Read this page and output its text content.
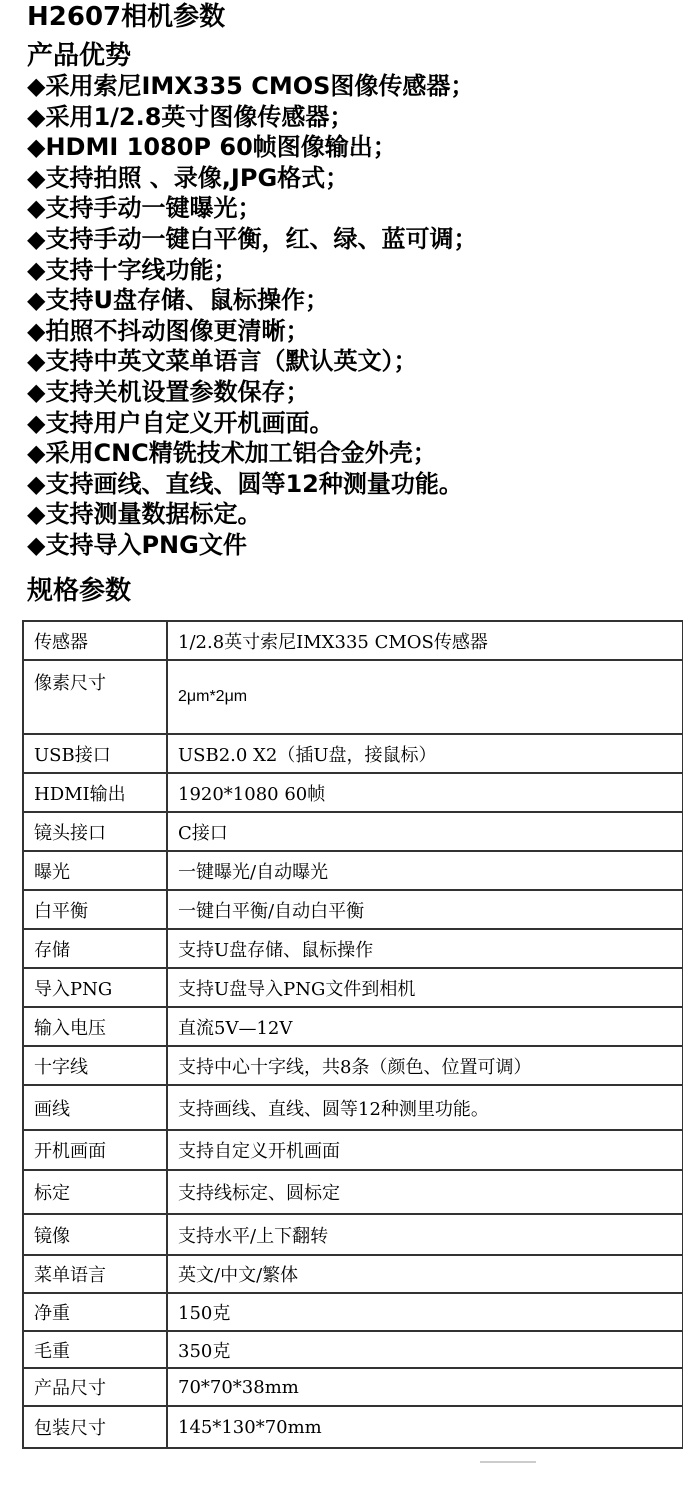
H2607相机参数
产品优势
◆采用索尼IMX335 CMOS图像传感器；
◆采用1/2.8英寸图像传感器；
◆HDMI 1080P 60帧图像输出；
◆支持拍照 、录像,JPG格式；
◆支持手动一键曝光；
◆支持手动一键白平衡，红、绿、蓝可调；
◆支持十字线功能；
◆支持U盘存储、鼠标操作；
◆拍照不抖动图像更清晰；
◆支持中英文菜单语言（默认英文）；
◆支持关机设置参数保存；
◆支持用户自定义开机画面。
◆采用CNC精铣技术加工铝合金外壳；
◆支持画线、直线、圆等12种测量功能。
◆支持测量数据标定。
◆支持导入PNG文件
规格参数
传感器	1/2.8英寸索尼IMX335 CMOS传感器
像素尺寸	2μm*2μm
USB接口	USB2.0 X2（插U盘，接鼠标）
HDMI输出	1920*1080 60帧
镜头接口	C接口
曝光	一键曝光/自动曝光
白平衡	一键白平衡/自动白平衡
存储	支持U盘存储、鼠标操作
导入PNG	支持U盘导入PNG文件到相机
输入电压	直流5V—12V
十字线	支持中心十字线，共8条（颜色、位置可调）
画线	支持画线、直线、圆等12种测里功能。
开机画面	支持自定义开机画面
标定	支持线标定、圆标定
镜像	支持水平/上下翻转
菜单语言	英文/中文/繁体
净重	150克
毛重	350克
产品尺寸	70*70*38mm
包装尺寸	145*130*70mm
